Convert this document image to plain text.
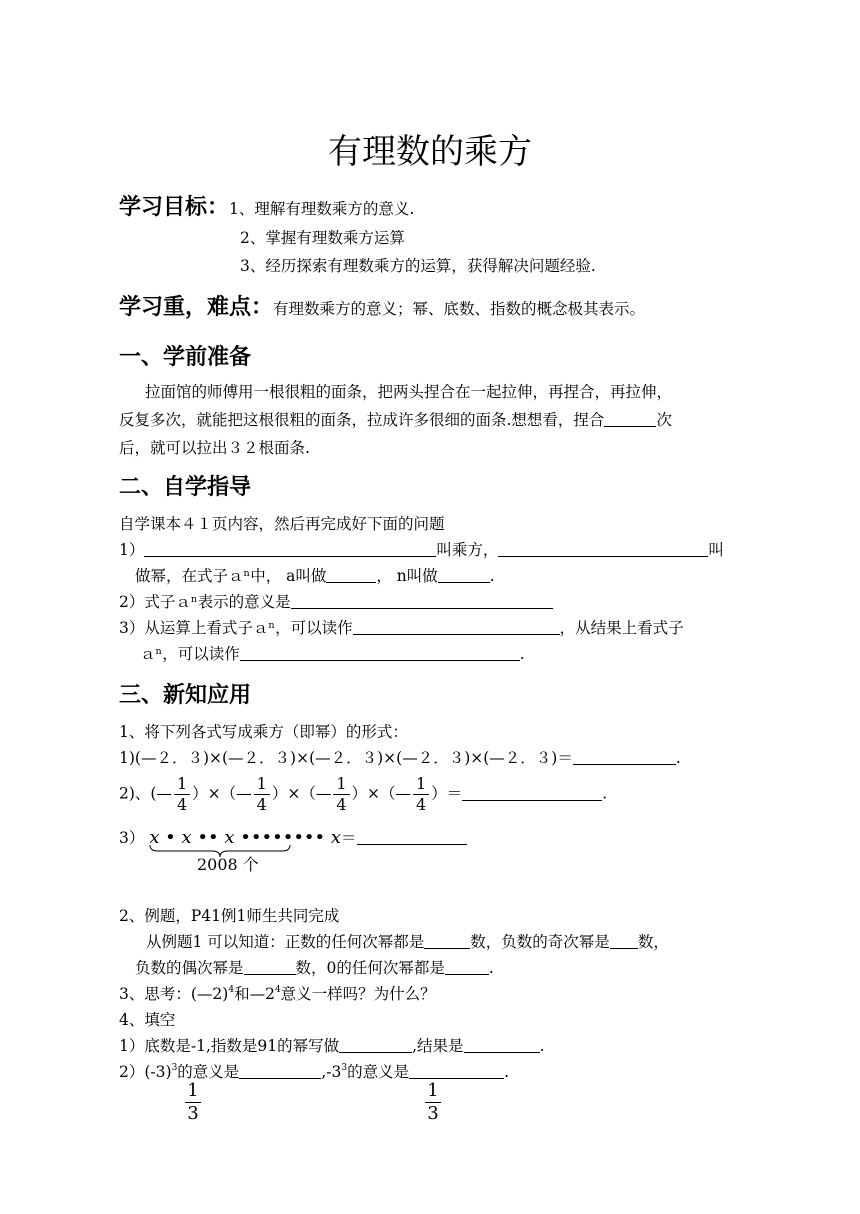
有理数的乘方
学习目标：1、理解有理数乘方的意义.
2、掌握有理数乘方运算
3、经历探索有理数乘方的运算，获得解决问题经验.
学习重，难点：有理数乘方的意义；幂、底数、指数的概念极其表示。
一、学前准备
拉面馆的师傅用一根很粗的面条，把两头捏合在一起拉伸，再捏合，再拉伸，
反复多次，就能把这根很粗的面条，拉成许多很细的面条.想想看，捏合	次
后，就可以拉出３２根面条.
二、自学指导
自学课本４１页内容，然后再完成好下面的问题
1）	叫乘方，	叫
做幂，在式子ａⁿ中， a叫做	， n叫做	.
2）式子ａⁿ表示的意义是
3）从运算上看式子ａⁿ，可以读作	，从结果上看式子
ａⁿ，可以读作	.
三、新知应用
1、将下列各式写成乘方（即幂）的形式：
1)(—２．３)×(—２．３)×(—２．３)×(—２．３)×(—２．３)＝	.
2)、(— $\frac{1}{4}$ ）×（— $\frac{1}{4}$ ）×（— $\frac{1}{4}$ ）×（— $\frac{1}{4}$ ）＝	.
3） x • x •• x •••••••• x＝
2008 个
2、例题，P41例1师生共同完成
从例题1 可以知道：正数的任何次幂都是	数，负数的奇次幂是 数，
负数的偶次幂是	数，0的任何次幂都是	.
3、思考：(—2)$^4$和$—2^4$意义一样吗？为什么？
4、填空
1）底数是-1,指数是91的幂写做	,结果是	.
$2)(-3)^3$的意义是	$,-3^3$的意义是	.
1
3
1
3
